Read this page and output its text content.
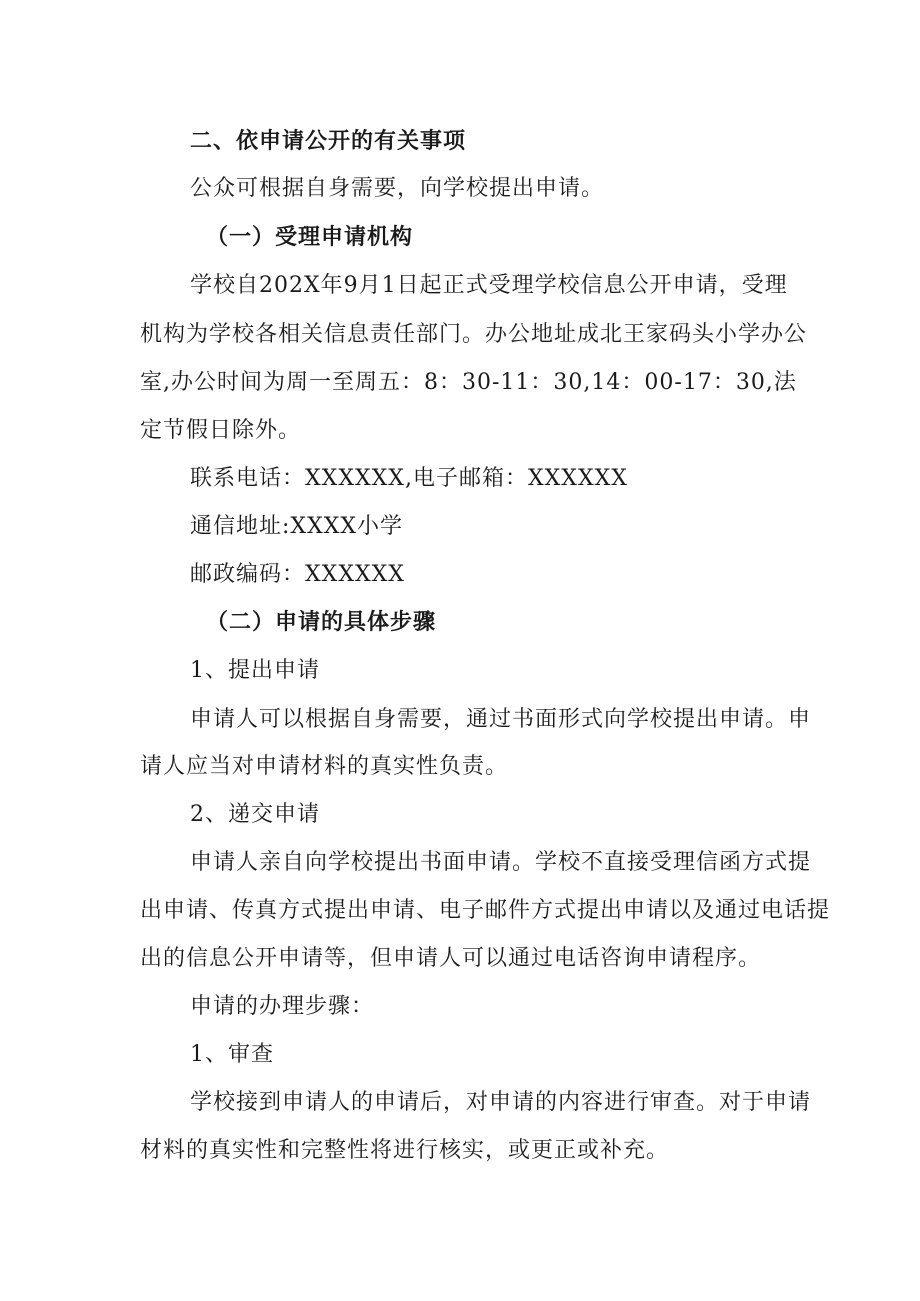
二、依申请公开的有关事项
公众可根据自身需要，向学校提出申请。
（一）受理申请机构
学校自202X年9月1日起正式受理学校信息公开申请，受理
机构为学校各相关信息责任部门。办公地址成北王家码头小学办公
室,办公时间为周一至周五：8：30-11：30,14：00-17：30,法
定节假日除外。
联系电话：XXXXXX,电子邮箱：XXXXXX
通信地址:XXXX小学
邮政编码：XXXXXX
（二）申请的具体步骤
1、提出申请
申请人可以根据自身需要，通过书面形式向学校提出申请。申
请人应当对申请材料的真实性负责。
2、递交申请
申请人亲自向学校提出书面申请。学校不直接受理信函方式提
出申请、传真方式提出申请、电子邮件方式提出申请以及通过电话提
出的信息公开申请等，但申请人可以通过电话咨询申请程序。
申请的办理步骤：
1、审查
学校接到申请人的申请后，对申请的内容进行审查。对于申请
材料的真实性和完整性将进行核实，或更正或补充。
